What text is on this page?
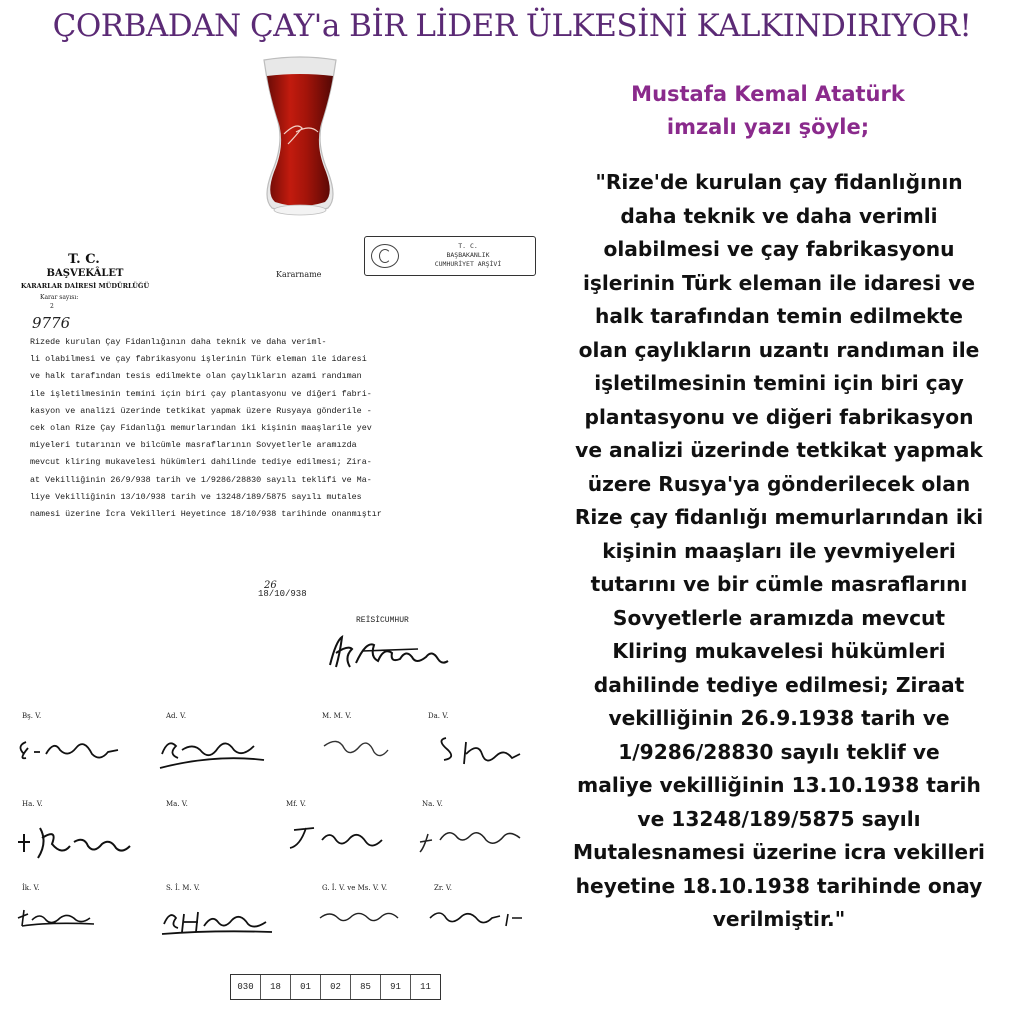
ÇORBADAN ÇAY'a BİR LİDER ÜLKESİNİ KALKINDIRIYOR!
Mustafa Kemal Atatürk
imzalı yazı şöyle;

"Rize'de kurulan çay fidanlığının
daha teknik ve daha verimli
olabilmesi ve çay fabrikasyonu
işlerinin Türk eleman ile idaresi ve
halk tarafından temin edilmekte
olan çaylıkların uzantı randıman ile
işletilmesinin temini için biri çay
plantasyonu ve diğeri fabrikasyon
ve analizi üzerinde tetkikat yapmak
üzere Rusya'ya gönderilecek olan
Rize çay fidanlığı memurlarından iki
kişinin maaşları ile yevmiyeleri
tutarını ve bir cümle masraflarını
Sovyetlerle aramızda mevcut
Kliring mukavelesi hükümleri
dahilinde tediye edilmesi; Ziraat
vekilliğinin 26.9.1938 tarih ve
1/9286/28830 sayılı teklif ve
maliye vekilliğinin 13.10.1938 tarih
ve 13248/189/5875 sayılı
Mutalesnamesi üzerine icra vekilleri
heyetine 18.10.1938 tarihinde onay
verilmiştir."

T. C.
BAŞVEKÂLET
KARARLAR DAİRESİ MÜDÜRLÜĞÜ
Karar sayısı:
2
9776
Kararname
T. C.
BAŞBAKANLIK
CUMHURİYET ARŞİVİ

Rizede kurulan Çay Fidanlığının daha teknik ve daha veriml-
li olabilmesi ve çay fabrikasyonu işlerinin Türk eleman ile idaresi
ve halk tarafından tesis edilmekte olan çaylıkların azami randıman
ile işletilmesinin temini için biri çay plantasyonu ve diğeri fabri-
kasyon ve analizi üzerinde tetkikat yapmak üzere Rusyaya gönderile -
cek olan Rize Çay Fidanlığı memurlarından iki kişinin maaşlarile yev
miyeleri tutarının ve bilcümle masraflarının Sovyetlerle aramızda
mevcut kliring mukavelesi hükümleri dahilinde tediye edilmesi; Zira-
at Vekilliğinin 26/9/938 tarih ve 1/9286/28830 sayılı teklifi ve Ma-
liye Vekilliğinin 13/10/938 tarih ve 13248/189/5875 sayılı mutales
namesi üzerine İcra Vekilleri Heyetince 18/10/938 tarihinde onanmıştır

26
18/10/938
REİSİCUMHUR
Bş. V.	Ad. V.	M. M. V.	Da. V.
Ha. V.	Ma. V.	Mf. V.	Na. V.
İk. V.	S. İ. M. V.	G. İ. V. ve Ms. V. V.	Zr. V.
030	18	01	02	85	91	11
